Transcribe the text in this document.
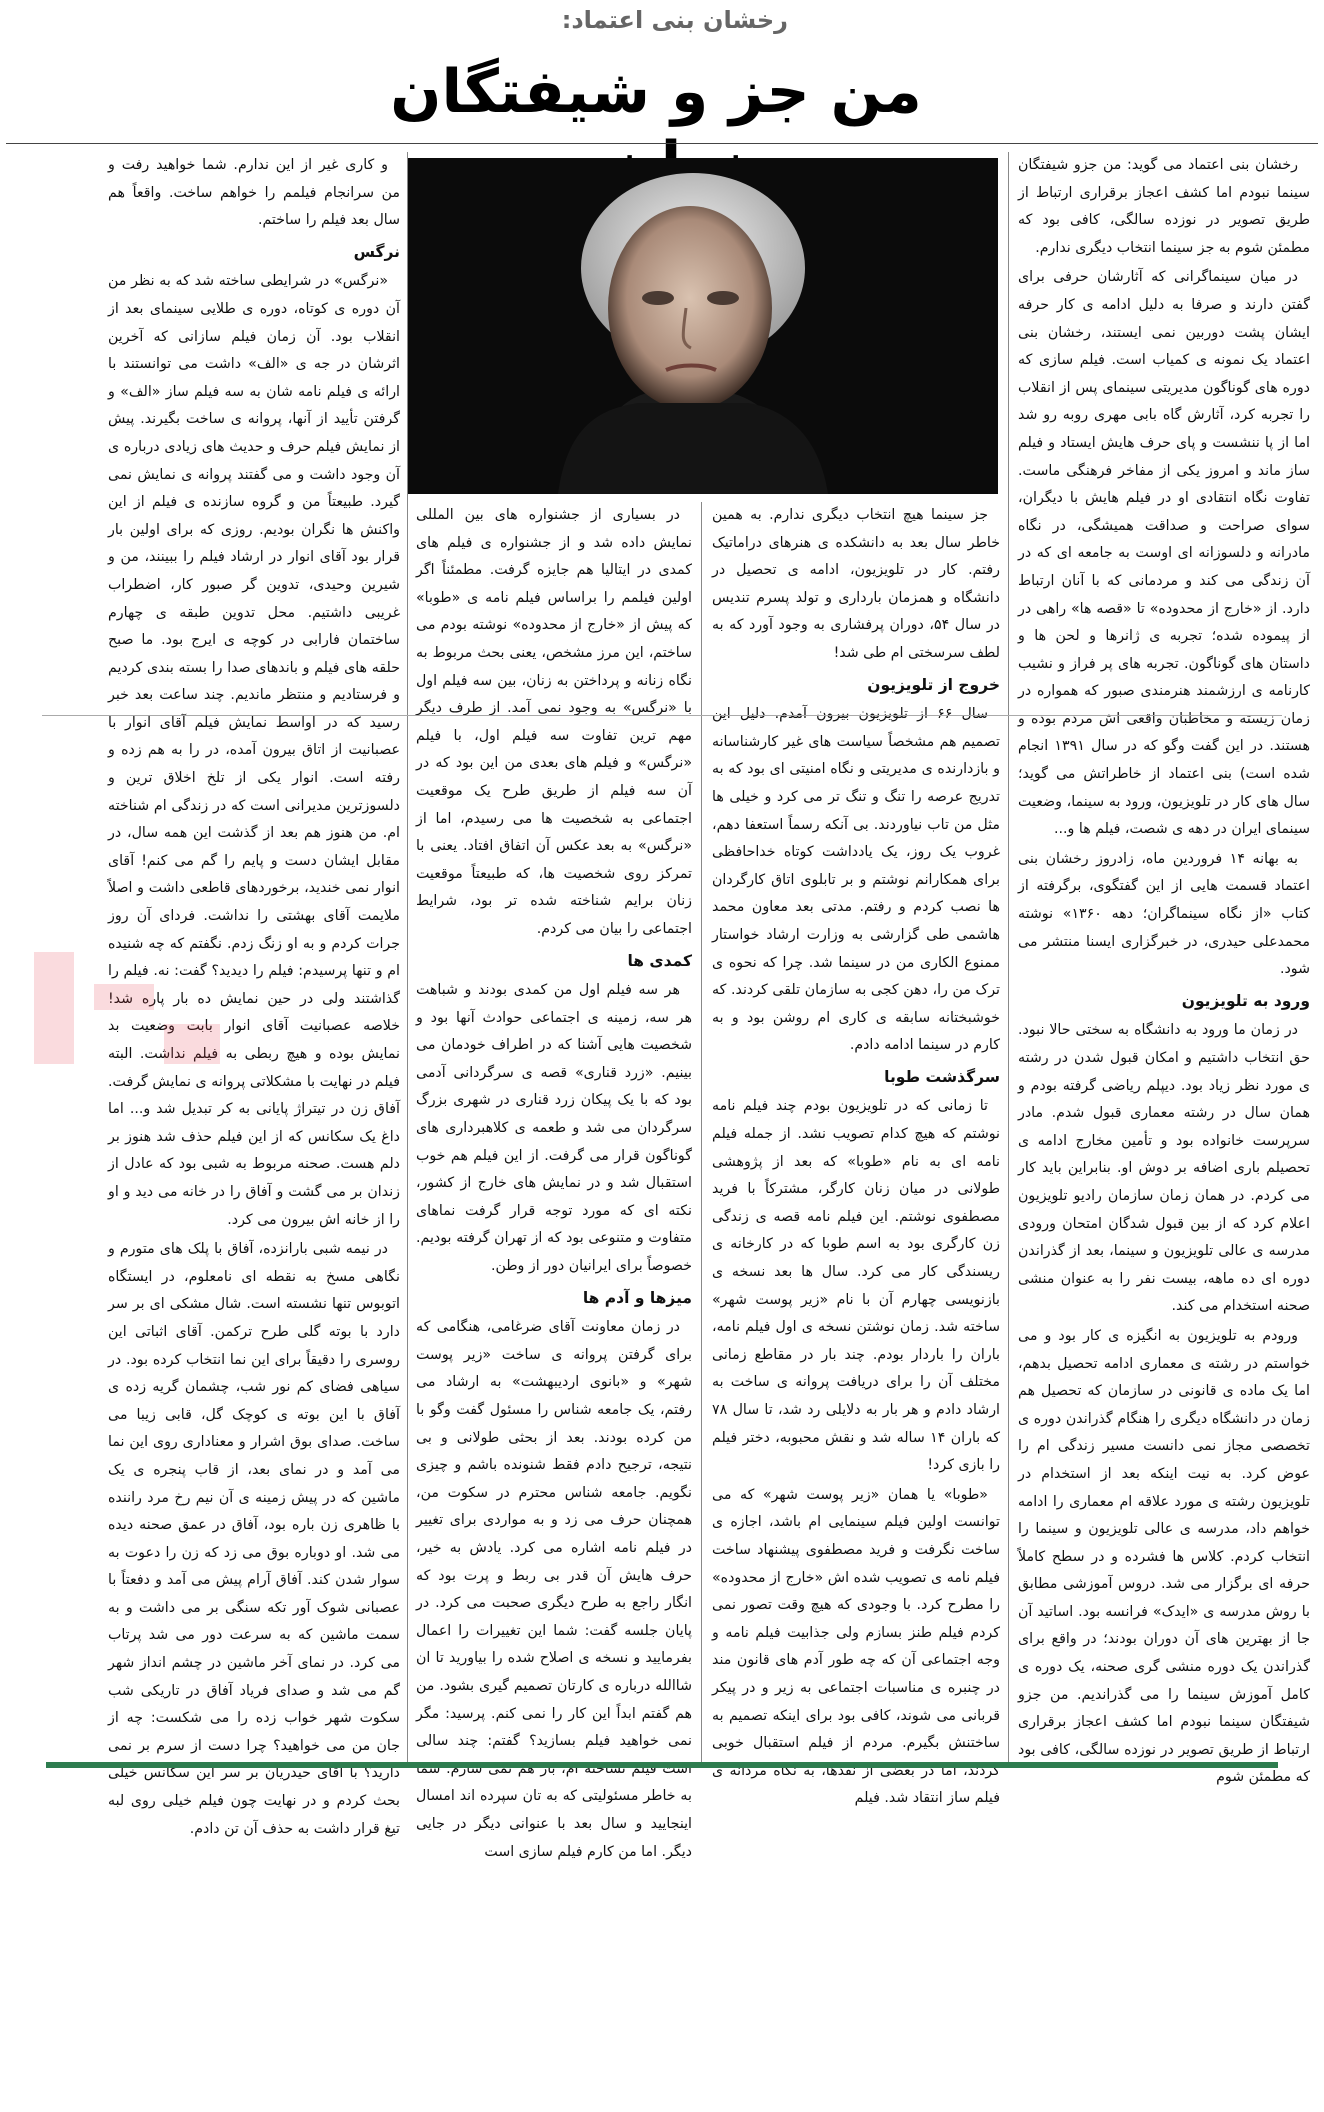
رخشان بنی اعتماد:
من جز و شیفتگان

رخشان بنی اعتماد می گوید: من جزو شیفتگان سینما نبودم اما کشف اعجاز برقراری ارتباط از طریق تصویر در نوزده سالگی، کافی بود که مطمئن شوم به جز سینما انتخاب دیگری ندارم.

در میان سینماگرانی که آثارشان حرفی برای گفتن دارند و صرفا به دلیل ادامه ی کار حرفه ایشان پشت دوربین نمی ایستند، رخشان بنی اعتماد یک نمونه ی کمیاب است. فیلم سازی که دوره های گوناگون مدیریتی سینمای پس از انقلاب را تجربه کرد، آثارش گاه بابی مهری روبه رو شد اما از پا ننشست و پای حرف هایش ایستاد و فیلم ساز ماند و امروز یکی از مفاخر فرهنگی ماست. تفاوت نگاه انتقادی او در فیلم هایش با دیگران، سوای صراحت و صداقت همیشگی، در نگاه مادرانه و دلسوزانه ای اوست به جامعه ای که در آن زندگی می کند و مردمانی که با آنان ارتباط دارد. از «خارج از محدوده» تا «قصه ها» راهی در از پیموده شده؛ تجربه ی ژانرها و لحن ها و داستان های گوناگون. تجربه های پر فراز و نشیب کارنامه ی ارزشمند هنرمندی صبور که همواره در زمان زیسته و مخاطبان واقعی اش مردم بوده و هستند. در این گفت وگو که در سال ۱۳۹۱ انجام شده است) بنی اعتماد از خاطراتش می گوید؛ سال های کار در تلویزیون، ورود به سینما، وضعیت سینمای ایران در دهه ی شصت، فیلم ها و...

به بهانه ۱۴ فروردین ماه، زادروز رخشان بنی اعتماد قسمت هایی از این گفتگوی، برگرفته از کتاب «از نگاه سینماگران؛ دهه ۱۳۶۰» نوشته محمدعلی حیدری، در خبرگزاری ایسنا منتشر می شود.

ورود به تلویزیون

در زمان ما ورود به دانشگاه به سختی حالا نبود. حق انتخاب داشتیم و امکان قبول شدن در رشته ی مورد نظر زیاد بود. دیپلم ریاضی گرفته بودم و همان سال در رشته معماری قبول شدم. مادر سرپرست خانواده بود و تأمین مخارج ادامه ی تحصیلم باری اضافه بر دوش او. بنابراین باید کار می کردم. در همان زمان سازمان رادیو تلویزیون اعلام کرد که از بین قبول شدگان امتحان ورودی مدرسه ی عالی تلویزیون و سینما، بعد از گذراندن دوره ای ده ماهه، بیست نفر را به عنوان منشی صحنه استخدام می کند.

ورودم به تلویزیون به انگیزه ی کار بود و می خواستم در رشته ی معماری ادامه تحصیل بدهم، اما یک ماده ی قانونی در سازمان که تحصیل هم زمان در دانشگاه دیگری را هنگام گذراندن دوره ی تخصصی مجاز نمی دانست مسیر زندگی ام را عوض کرد. به نیت اینکه بعد از استخدام در تلویزیون رشته ی مورد علاقه ام معماری را ادامه خواهم داد، مدرسه ی عالی تلویزیون و سینما را انتخاب کردم. کلاس ها فشرده و در سطح کاملاً حرفه ای برگزار می شد. دروس آموزشی مطابق با روش مدرسه ی «ایدک» فرانسه بود. اساتید آن جا از بهترین های آن دوران بودند؛ در واقع برای گذراندن یک دوره منشی گری صحنه، یک دوره ی کامل آموزش سینما را می گذراندیم. من جزو شیفتگان سینما نبودم اما کشف اعجاز برقراری ارتباط از طریق تصویر در نوزده سالگی، کافی بود که مطمئن شوم

جز سینما هیچ انتخاب دیگری ندارم. به همین خاطر سال بعد به دانشکده ی هنرهای دراماتیک رفتم. کار در تلویزیون، ادامه ی تحصیل در دانشگاه و همزمان بارداری و تولد پسرم تندیس در سال ۵۴، دوران پرفشاری به وجود آورد که به لطف سرسختی ام طی شد!

خروج از تلویزیون

سال ۶۶ از تلویزیون بیرون آمدم. دلیل این تصمیم هم مشخصاً سیاست های غیر کارشناسانه و بازدارنده ی مدیریتی و نگاه امنیتی ای بود که به تدریج عرصه را تنگ و تنگ تر می کرد و خیلی ها مثل من تاب نیاوردند. بی آنکه رسماً استعفا دهم، غروب یک روز، یک یادداشت کوتاه خداحافظی برای همکارانم نوشتم و بر تابلوی اتاق کارگردان ها نصب کردم و رفتم. مدتی بعد معاون محمد هاشمی طی گزارشی به وزارت ارشاد خواستار ممنوع الکاری من در سینما شد. چرا که نحوه ی ترک من را، دهن کجی به سازمان تلقی کردند. که خوشبختانه سابقه ی کاری ام روشن بود و به کارم در سینما ادامه دادم.

سرگذشت طوبا

تا زمانی که در تلویزیون بودم چند فیلم نامه نوشتم که هیچ کدام تصویب نشد. از جمله فیلم نامه ای به نام «طوبا» که بعد از پژوهشی طولانی در میان زنان کارگر، مشترکاً با فرید مصطفوی نوشتم. این فیلم نامه قصه ی زندگی زن کارگری بود به اسم طوبا که در کارخانه ی ریسندگی کار می کرد. سال ها بعد نسخه ی بازنویسی چهارم آن با نام «زیر پوست شهر» ساخته شد. زمان نوشتن نسخه ی اول فیلم نامه، باران را باردار بودم. چند بار در مقاطع زمانی مختلف آن را برای دریافت پروانه ی ساخت به ارشاد دادم و هر بار به دلایلی رد شد، تا سال ۷۸ که باران ۱۴ ساله شد و نقش محبوبه، دختر فیلم را بازی کرد!

«طوبا» یا همان «زیر پوست شهر» که می توانست اولین فیلم سینمایی ام باشد، اجازه ی ساخت نگرفت و فرید مصطفوی پیشنهاد ساخت فیلم نامه ی تصویب شده اش «خارج از محدوده» را مطرح کرد. با وجودی که هیچ وقت تصور نمی کردم فیلم طنز بسازم ولی جذابیت فیلم نامه و وجه اجتماعی آن که چه طور آدم های قانون مند در چنبره ی مناسبات اجتماعی به زیر و در پیکر قربانی می شوند، کافی بود برای اینکه تصمیم به ساختنش بگیرم. مردم از فیلم استقبال خوبی کردند، اما در بعضی از نقدها، به نگاه مردانه ی فیلم ساز انتقاد شد. فیلم

در بسیاری از جشنواره های بین المللی نمایش داده شد و از جشنواره ی فیلم های کمدی در ایتالیا هم جایزه گرفت. مطمئناً اگر اولین فیلمم را براساس فیلم نامه ی «طوبا» که پیش از «خارج از محدوده» نوشته بودم می ساختم، این مرز مشخص، یعنی بحث مربوط به نگاه زنانه و پرداختن به زنان، بین سه فیلم اول با «نرگس» به وجود نمی آمد. از طرف دیگر مهم ترین تفاوت سه فیلم اول، با فیلم «نرگس» و فیلم های بعدی من این بود که در آن سه فیلم از طریق طرح یک موقعیت اجتماعی به شخصیت ها می رسیدم، اما از «نرگس» به بعد عکس آن اتفاق افتاد. یعنی با تمرکز روی شخصیت ها، که طبیعتاً موقعیت زنان برایم شناخته شده تر بود، شرایط اجتماعی را بیان می کردم.

کمدی ها

هر سه فیلم اول من کمدی بودند و شباهت هر سه، زمینه ی اجتماعی حوادث آنها بود و شخصیت هایی آشنا که در اطراف خودمان می بینیم. «زرد قناری» قصه ی سرگردانی آدمی بود که با یک پیکان زرد قناری در شهری بزرگ سرگردان می شد و طعمه ی کلاهبرداری های گوناگون قرار می گرفت. از این فیلم هم خوب استقبال شد و در نمایش های خارج از کشور، نکته ای که مورد توجه قرار گرفت نماهای متفاوت و متنوعی بود که از تهران گرفته بودیم. خصوصاً برای ایرانیان دور از وطن.

میزها و آدم ها

در زمان معاونت آقای ضرغامی، هنگامی که برای گرفتن پروانه ی ساخت «زیر پوست شهر» و «بانوی اردیبهشت» به ارشاد می رفتم، یک جامعه شناس را مسئول گفت وگو با من کرده بودند. بعد از بحثی طولانی و بی نتیجه، ترجیح دادم فقط شنونده باشم و چیزی نگویم. جامعه شناس محترم در سکوت من، همچنان حرف می زد و به مواردی برای تغییر در فیلم نامه اشاره می کرد. یادش به خیر، حرف هایش آن قدر بی ربط و پرت بود که انگار راجع به طرح دیگری صحبت می کرد. در پایان جلسه گفت: شما این تغییرات را اعمال بفرمایید و نسخه ی اصلاح شده را بیاورید تا ان شاالله درباره ی کارتان تصمیم گیری بشود. من هم گفتم ابداً این کار را نمی کنم. پرسید: مگر نمی خواهید فیلم بسازید؟ گفتم: چند سالی است فیلم نساخته ام، باز هم نمی سازم. شما به خاطر مسئولیتی که به تان سپرده اند امسال اینجایید و سال بعد با عنوانی دیگر در جایی دیگر. اما من کارم فیلم سازی است

و کاری غیر از این ندارم. شما خواهید رفت و من سرانجام فیلمم را خواهم ساخت. واقعاً هم سال بعد فیلم را ساختم.

نرگس

«نرگس» در شرایطی ساخته شد که به نظر من آن دوره ی کوتاه، دوره ی طلایی سینمای بعد از انقلاب بود. آن زمان فیلم سازانی که آخرین اثرشان در جه ی «الف» داشت می توانستند با ارائه ی فیلم نامه شان به سه فیلم ساز «الف» و گرفتن تأیید از آنها، پروانه ی ساخت بگیرند. پیش از نمایش فیلم حرف و حدیث های زیادی درباره ی آن وجود داشت و می گفتند پروانه ی نمایش نمی گیرد. طبیعتاً من و گروه سازنده ی فیلم از این واکنش ها نگران بودیم. روزی که برای اولین بار قرار بود آقای انوار در ارشاد فیلم را ببینند، من و شیرین وحیدی، تدوین گر صبور کار، اضطراب غریبی داشتیم. محل تدوین طبقه ی چهارم ساختمان فارابی در کوچه ی ایرج بود. ما صبح حلقه های فیلم و باندهای صدا را بسته بندی کردیم و فرستادیم و منتظر ماندیم. چند ساعت بعد خبر رسید که در اواسط نمایش فیلم آقای انوار با عصبانیت از اتاق بیرون آمده، در را به هم زده و رفته است. انوار یکی از تلخ اخلاق ترین و دلسوزترین مدیرانی است که در زندگی ام شناخته ام. من هنوز هم بعد از گذشت این همه سال، در مقابل ایشان دست و پایم را گم می کنم! آقای انوار نمی خندید، برخوردهای قاطعی داشت و اصلاً ملایمت آقای بهشتی را نداشت. فردای آن روز جرات کردم و به او زنگ زدم. نگفتم که چه شنیده ام و تنها پرسیدم: فیلم را دیدید؟ گفت: نه. فیلم را گذاشتند ولی در حین نمایش ده بار پاره شد! خلاصه عصبانیت آقای انوار بابت وضعیت بد نمایش بوده و هیچ ربطی به فیلم نداشت. البته فیلم در نهایت با مشکلاتی پروانه ی نمایش گرفت. آفاق زن در تیتراژ پایانی به کر تبدیل شد و... اما داغ یک سکانس که از این فیلم حذف شد هنوز بر دلم هست. صحنه مربوط به شبی بود که عادل از زندان بر می گشت و آفاق را در خانه می دید و او را از خانه اش بیرون می کرد.

در نیمه شبی بارانزده، آفاق با پلک های متورم و نگاهی مسخ به نقطه ای نامعلوم، در ایستگاه اتوبوس تنها نشسته است. شال مشکی ای بر سر دارد با بوته گلی طرح ترکمن. آقای اثباتی این روسری را دقیقاً برای این نما انتخاب کرده بود. در سیاهی فضای کم نور شب، چشمان گریه زده ی آفاق با این بوته ی کوچک گل، قابی زیبا می ساخت. صدای بوق اشرار و معناداری روی این نما می آمد و در نمای بعد، از قاب پنجره ی یک ماشین که در پیش زمینه ی آن نیم رخ مرد راننده با ظاهری زن باره بود، آفاق در عمق صحنه دیده می شد. او دوباره بوق می زد که زن را دعوت به سوار شدن کند. آفاق آرام پیش می آمد و دفعتاً با عصبانی شوک آور تکه سنگی بر می داشت و به سمت ماشین که به سرعت دور می شد پرتاب می کرد. در نمای آخر ماشین در چشم انداز شهر گم می شد و صدای فریاد آفاق در تاریکی شب سکوت شهر خواب زده را می شکست: چه از جان من می خواهید؟ چرا دست از سرم بر نمی دارید؟ با آقای حیدریان بر سر این سکانس خیلی بحث کردم و در نهایت چون فیلم خیلی روی لبه تیغ قرار داشت به حذف آن تن دادم.
